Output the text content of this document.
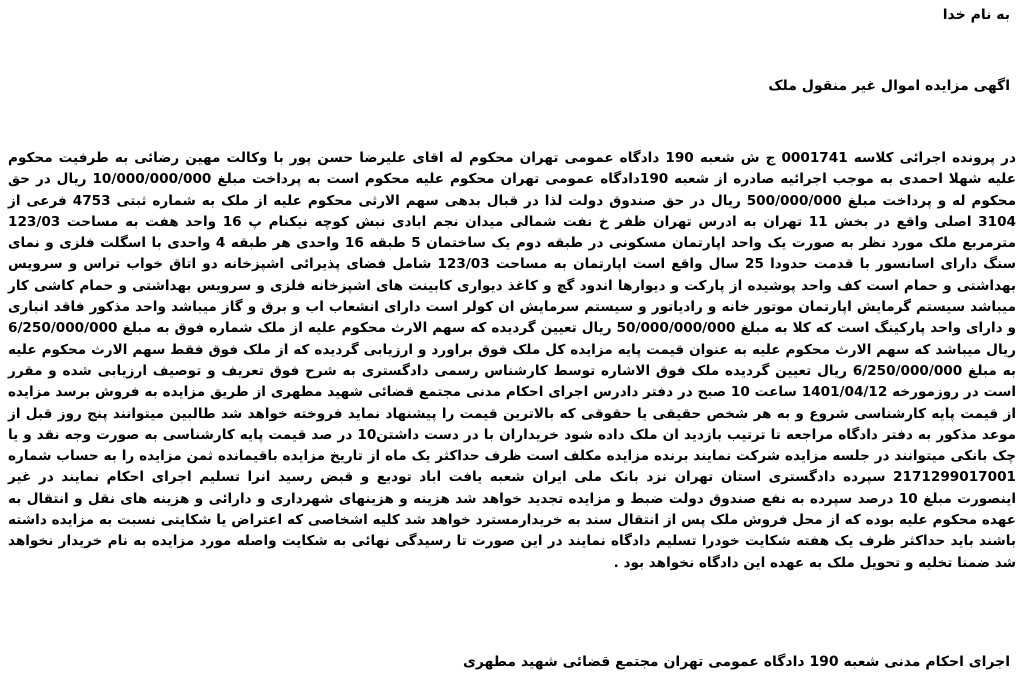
به نام خدا
اگهی مزایده اموال غیر منقول ملک

در پرونده اجرائی کلاسه 0001741 ج ش شعبه 190 دادگاه عمومی تهران محکوم له اقای علیرضا حسن پور با وکالت مهین رضائی به طرفیت محکوم علیه شهلا احمدی به موجب اجرائیه صادره از شعبه 190دادگاه عمومی تهران محکوم علیه محکوم است به پرداخت مبلغ 10/000/000/000 ریال در حق محکوم له و پرداخت مبلغ 500/000/000 ریال در حق صندوق دولت لذا در قبال بدهی سهم الارثی محکوم علیه از ملک به شماره ثبتی 4753 فرعی از 3104 اصلی واقع در بخش 11 تهران به ادرس تهران ظفر خ نفت شمالی میدان نجم ابادی نبش کوچه نیکنام پ 16 واحد هفت به مساحت 123/03 مترمربع ملک مورد نظر به صورت یک واحد اپارتمان مسکونی در طبقه دوم یک ساختمان 5 طبقه 16 واحدی هر طبقه 4 واحدی با اسگلت فلزی و نمای سنگ دارای اسانسور با قدمت حدودا 25 سال واقع است اپارتمان به مساحت 123/03 شامل فضای پذیرائی اشپزخانه دو اتاق خواب تراس و سرویس بهداشتی و حمام است کف واحد پوشیده از پارکت و دیوارها اندود گچ و کاغذ دیواری کابینت های اشپزخانه فلزی و سرویس بهداشتی و حمام کاشی کار میباشد سیستم گرمایش اپارتمان موتور خانه و رادیاتور و سیستم سرمایش ان کولر است دارای انشعاب اب و برق و گاز میباشد واحد مذکور فاقد انباری و دارای واحد پارکینگ است که کلا به مبلغ 50/000/000/000 ریال تعیین گردیده که سهم الارث محکوم علیه از ملک شماره فوق به مبلغ 6/250/000/000 ریال میباشد که سهم الارث محکوم علیه به عنوان قیمت پایه مزایده کل ملک فوق براورد و ارزیابی گردیده که از ملک فوق فقط سهم الارث محکوم علیه به مبلغ 6/250/000/000 ریال تعیین گردیده ملک فوق الاشاره توسط کارشناس رسمی دادگستری به شرح فوق تعریف و توصیف ارزیابی شده و مقرر است در روزمورخه 1401/04/12 ساعت 10 صبح در دفتر دادرس اجرای احکام مدنی مجتمع قضائی شهید مطهری از طریق مزایده به فروش برسد مزایده از قیمت پایه کارشناسی شروع و به هر شخص حقیقی یا حقوقی که بالاترین قیمت را پیشنهاد نماید فروخته خواهد شد طالبین میتوانند پنج روز قبل از موعد مذکور به دفتر دادگاه مراجعه تا ترتیب بازدید ان ملک داده شود خریداران با در دست داشتن10 در صد قیمت پایه کارشناسی به صورت وجه نقد و یا چک بانکی میتوانند در جلسه مزایده شرکت نمایند برنده مزایده مکلف است ظرف حداکثر یک ماه از تاریخ مزایده باقیمانده ثمن مزایده را به حساب شماره 2171299017001 سپرده دادگستری استان تهران نزد بانک ملی ایران شعبه یافت اباد تودیع و قبض رسید انرا تسلیم اجرای احکام نمایند در غیر اینصورت مبلغ 10 درصد سپرده به نفع صندوق دولت ضبط و مزایده تجدید خواهد شد هزینه و هزینهای شهرداری و دارائی و هزینه های نقل و انتقال به عهده محکوم علیه بوده که از محل فروش ملک پس از انتقال سند به خریدارمسترد خواهد شد کلیه اشخاصی که اعتراض یا شکایتی نسبت به مزایده داشته باشند باید حداکثر ظرف یک هفته شکایت خودرا تسلیم دادگاه نمایند در این صورت تا رسیدگی نهائی به شکایت واصله مورد مزایده به نام خریدار نخواهد شد ضمنا تخلیه و تحویل ملک به عهده این دادگاه نخواهد بود .

اجرای احکام مدنی شعبه 190 دادگاه عمومی تهران مجتمع قضائی شهید مطهری
